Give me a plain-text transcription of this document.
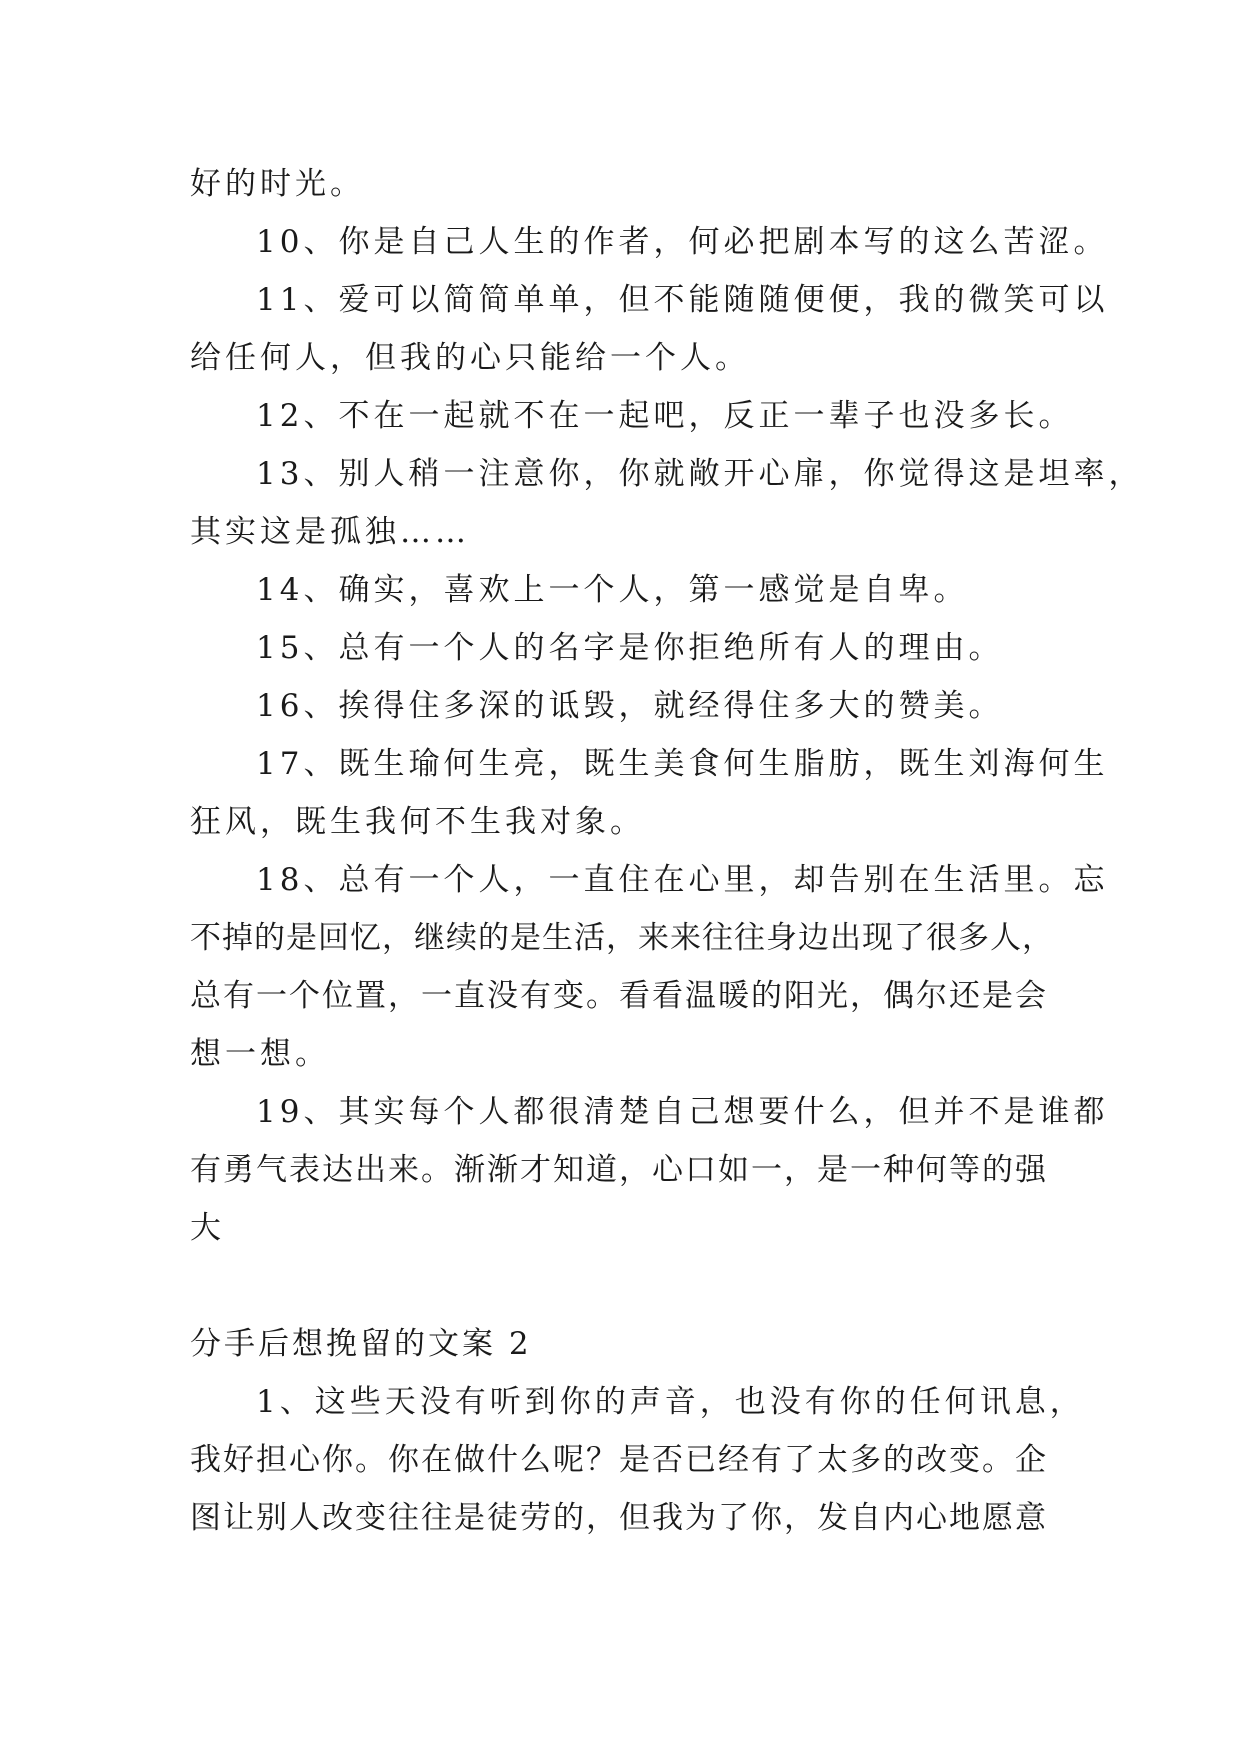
好的时光。
10、你是自己人生的作者，何必把剧本写的这么苦涩。
11、爱可以简简单单，但不能随随便便，我的微笑可以
给任何人，但我的心只能给一个人。
12、不在一起就不在一起吧，反正一辈子也没多长。
13、别人稍一注意你，你就敞开心扉，你觉得这是坦率，
其实这是孤独……
14、确实，喜欢上一个人，第一感觉是自卑。
15、总有一个人的名字是你拒绝所有人的理由。
16、挨得住多深的诋毁，就经得住多大的赞美。
17、既生瑜何生亮，既生美食何生脂肪，既生刘海何生
狂风，既生我何不生我对象。
18、总有一个人，一直住在心里，却告别在生活里。忘
不掉的是回忆，继续的是生活，来来往往身边出现了很多人，
总有一个位置，一直没有变。看看温暖的阳光，偶尔还是会
想一想。
19、其实每个人都很清楚自己想要什么，但并不是谁都
有勇气表达出来。渐渐才知道，心口如一，是一种何等的强
大
分手后想挽留的文案 2
1、这些天没有听到你的声音，也没有你的任何讯息，
我好担心你。你在做什么呢？是否已经有了太多的改变。企
图让别人改变往往是徒劳的，但我为了你，发自内心地愿意
